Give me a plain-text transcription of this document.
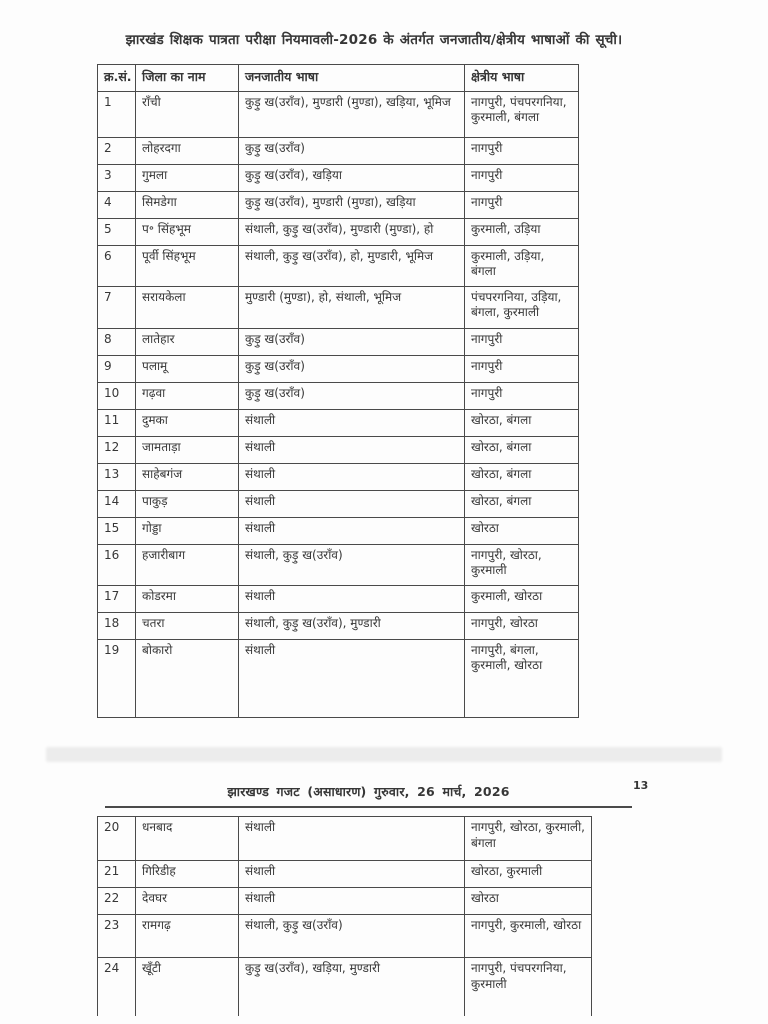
झारखंड शिक्षक पात्रता परीक्षा नियमावली-2026 के अंतर्गत जनजातीय/क्षेत्रीय भाषाओं की सूची।
क्र.सं.	जिला का नाम	जनजातीय भाषा	क्षेत्रीय भाषा
1	राँची	कुड़ु ख(उराँव), मुण्डारी (मुण्डा), खड़िया, भूमिज	नागपुरी, पंचपरगनिया, कुरमाली, बंगला
2	लोहरदगा	कुड़ु ख(उराँव)	नागपुरी
3	गुमला	कुड़ु ख(उराँव), खड़िया	नागपुरी
4	सिमडेगा	कुड़ु ख(उराँव), मुण्डारी (मुण्डा), खड़िया	नागपुरी
5	प॰ सिंहभूम	संथाली, कुड़ु ख(उराँव), मुण्डारी (मुण्डा), हो	कुरमाली, उड़िया
6	पूर्वी सिंहभूम	संथाली, कुड़ु ख(उराँव), हो, मुण्डारी, भूमिज	कुरमाली, उड़िया, बंगला
7	सरायकेला	मुण्डारी (मुण्डा), हो, संथाली, भूमिज	पंचपरगनिया, उड़िया, बंगला, कुरमाली
8	लातेहार	कुड़ु ख(उराँव)	नागपुरी
9	पलामू	कुड़ु ख(उराँव)	नागपुरी
10	गढ़वा	कुड़ु ख(उराँव)	नागपुरी
11	दुमका	संथाली	खोरठा, बंगला
12	जामताड़ा	संथाली	खोरठा, बंगला
13	साहेबगंज	संथाली	खोरठा, बंगला
14	पाकुड़	संथाली	खोरठा, बंगला
15	गोड्डा	संथाली	खोरठा
16	हजारीबाग	संथाली, कुड़ु ख(उराँव)	नागपुरी, खोरठा, कुरमाली
17	कोडरमा	संथाली	कुरमाली, खोरठा
18	चतरा	संथाली, कुड़ु ख(उराँव), मुण्डारी	नागपुरी, खोरठा
19	बोकारो	संथाली	नागपुरी, बंगला, कुरमाली, खोरठा
झारखण्ड गजट (असाधारण) गुरुवार, 26 मार्च, 2026	13
20	धनबाद	संथाली	नागपुरी, खोरठा, कुरमाली, बंगला
21	गिरिडीह	संथाली	खोरठा, कुरमाली
22	देवघर	संथाली	खोरठा
23	रामगढ़	संथाली, कुड़ु ख(उराँव)	नागपुरी, कुरमाली, खोरठा
24	खूँटी	कुड़ु ख(उराँव), खड़िया, मुण्डारी	नागपुरी, पंचपरगनिया, कुरमाली
